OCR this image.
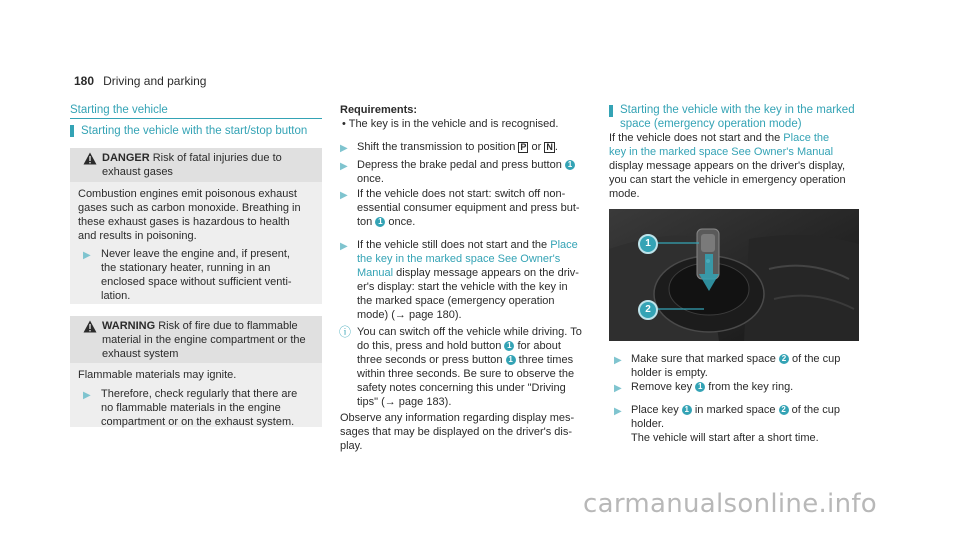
180 Driving and parking
Starting the vehicle
Starting the vehicle with the start/stop button
DANGER Risk of fatal injuries due to
exhaust gases
Combustion engines emit poisonous exhaust
gases such as carbon monoxide. Breathing in
these exhaust gases is hazardous to health
and results in poisoning.
▶ Never leave the engine and, if present,
the stationary heater, running in an
enclosed space without sufficient venti-
lation.
WARNING Risk of fire due to flammable
material in the engine compartment or the
exhaust system
Flammable materials may ignite.
▶ Therefore, check regularly that there are
no flammable materials in the engine
compartment or on the exhaust system.
Requirements:
• The key is in the vehicle and is recognised.
▶ Shift the transmission to position P or N .
▶ Depress the brake pedal and press button 1
once.
▶ If the vehicle does not start: switch off non-
essential consumer equipment and press but-
ton 1 once.
▶ If the vehicle still does not start and the Place
the key in the marked space See Owner's
Manual display message appears on the driv-
er's display: start the vehicle with the key in
the marked space (emergency operation
mode) (→ page 180).
ⓘ You can switch off the vehicle while driving. To
do this, press and hold button 1 for about
three seconds or press button 1 three times
within three seconds. Be sure to observe the
safety notes concerning this under "Driving
tips" (→ page 183).
Observe any information regarding display mes-
sages that may be displayed on the driver's dis-
play.
Starting the vehicle with the key in the marked
space (emergency operation mode)
If the vehicle does not start and the Place the
key in the marked space See Owner's Manual
display message appears on the driver's display,
you can start the vehicle in emergency operation
mode.
1
2
▶ Make sure that marked space 2 of the cup
holder is empty.
▶ Remove key 1 from the key ring.
▶ Place key 1 in marked space 2 of the cup
holder.
The vehicle will start after a short time.
carmanualsonline.info
